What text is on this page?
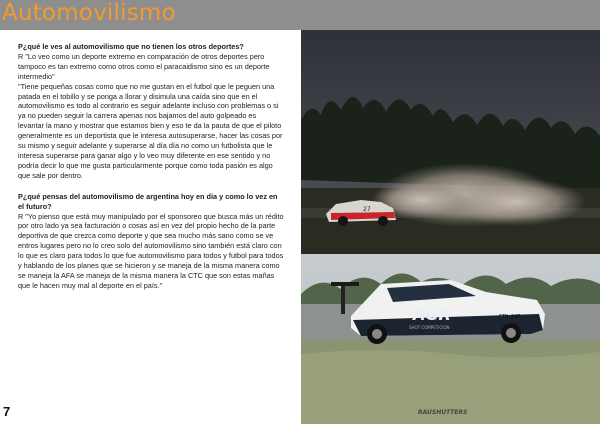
Automovilismo

P¿qué le ves al automovilismo que no tienen los otros deportes?

R "Lo veo como un deporte extremo en comparación de otros deportes pero tampoco es tan extremo como otros como el paracaidismo sino es un deporte intermedio"

"Tiene pequeñas cosas como que no me gustan en el futbol que le peguen una patada en el tobillo y se ponga a llorar y disimula una caída sino que en el automovilismo es todo al contrario es seguir adelante incluso con problemas o si ya no pueden seguir la carrera apenas nos bajamos del auto golpeado es levantar la mano y mostrar que estamos bien y eso te da la pauta de que el piloto generalmente es un deportista que le interesa autosuperarse, hacer las cosas por su mismo y seguir adelante y superarse al día día no como un futbolista que le interesa superarse para ganar algo y lo veo muy diferente en ese sentido y no podría decir lo que me gusta particularmente porque como toda pasión es algo que sale por dentro.

P¿qué pensas del automovilismo de argentina hoy en día y como lo vez en el futuro?

R "Yo pienso que está muy manipulado por el sponsoreo que busca más un rédito por otro lado ya sea facturación o cosas así en vez del propio hecho de la parte deportiva de que crezca como deporte y que sea mucho más sano como se ve entros lugares pero no lo creo solo del automovilismo sino también está claro con lo que es claro para todos lo que fue automovilismo para todos y futbol para todos y hablando de los planes que se hicieron y se maneja de la misma manera como se maneja la AFA se maneja de la misma manera la CTC que son estas mañas que le hacen muy mal al deporte en el país."

7
27
AGR
SHOT COMPETICION
FTN 247
RAUSHUTTERS
